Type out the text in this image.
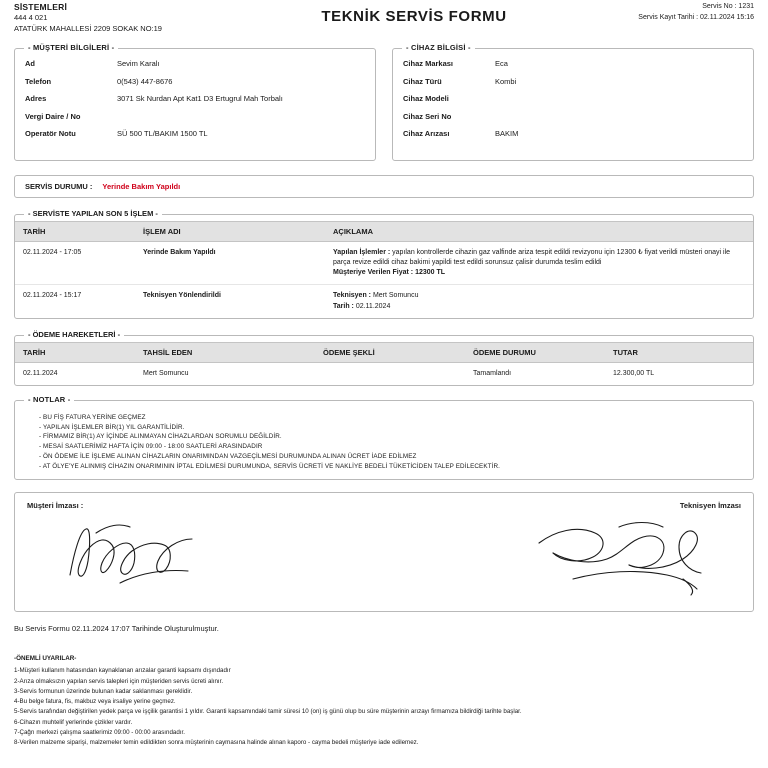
SİSTEMLERİ
444 4 021
ATATÜRK MAHALLESİ 2209 SOKAK NO:19
TEKNİK SERVİS FORMU
Servis No : 1231
Servis Kayıt Tarihi : 02.11.2024 15:16
- MÜŞTERİ BİLGİLERİ -
Ad	Sevim Karalı
Telefon	0(543) 447-8676
Adres	3071 Sk Nurdan Apt Kat1 D3 Ertugrul Mah Torbalı
Vergi Daire / No
Operatör Notu	SÜ 500 TL/BAKIM 1500 TL
- CİHAZ BİLGİSİ -
Cihaz Markası	Eca
Cihaz Türü	Kombi
Cihaz Modeli
Cihaz Seri No
Cihaz Arızası	BAKIM
SERVİS DURUMU : Yerinde Bakım Yapıldı
- SERVİSTE YAPILAN SON 5 İŞLEM -
TARİH	İŞLEM ADI	AÇIKLAMA
02.11.2024 - 17:05	Yerinde Bakım Yapıldı	Yapılan İşlemler : yapılan kontrollerde cihazin gaz valfinde ariza tespit edildi revizyonu için 12300 ₺ fiyat verildi müsteri onayi ile parça revize edildi cihaz bakimi yapildi test edildi sorunsuz çalisir durumda teslim edildi
Müşteriye Verilen Fiyat : 12300 TL

02.11.2024 - 15:17	Teknisyen Yönlendirildi	Teknisyen : Mert Somuncu
Tarih : 02.11.2024
- ÖDEME HAREKETLERİ -
TARİH	TAHSİL EDEN	ÖDEME ŞEKLİ	ÖDEME DURUMU	TUTAR
02.11.2024	Mert Somuncu		Tamamlandı	12.300,00 TL
- NOTLAR -
- BU FİŞ FATURA YERİNE GEÇMEZ
- YAPILAN İŞLEMLER BİR(1) YIL GARANTİLİDİR.
- FİRMAMIZ BİR(1) AY İÇİNDE ALINMAYAN CİHAZLARDAN SORUMLU DEĞİLDİR.
- MESAİ SAATLERİMİZ HAFTA İÇİN 09:00 - 18:00 SAATLERİ ARASINDADIR
- ÖN ÖDEME İLE İŞLEME ALINAN CİHAZLARIN ONARIMINDAN VAZGEÇİLMESİ DURUMUNDA ALINAN ÜCRET İADE EDİLMEZ
- AT ÖLYE'YE ALINMIŞ CİHAZIN ONARIMININ İPTAL EDİLMESİ DURUMUNDA, SERVİS ÜCRETİ VE NAKLİYE BEDELİ TÜKETİCİDEN TALEP EDİLECEKTİR.
Müşteri İmzası :	Teknisyen İmzası
Bu Servis Formu 02.11.2024 17:07 Tarihinde Oluşturulmuştur.
-ÖNEMLİ UYARILAR-
Müşteri kullanım hatasından kaynaklanan arızalar garanti kapsamı dışındadır
Arıza olmaksızın yapılan servis talepleri için müşteriden servis ücreti alınır.
Servis formunun üzerinde bulunan kadar saklanması gereklidir.
Bu belge fatura, fis, makbuz veya irsaliye yerine geçmez.
Servis tarafından değiştirilen yedek parça ve işçilik garantisi 1 yıldır. Garanti kapsamındaki tamir süresi 10 (on) iş günü olup bu süre müşterinin arızayı firmamıza bildirdiği tarihte başlar.
Cihazın muhtelif yerlerinde çizikler vardır.
Çağrı merkezi çalışma saatlerimiz 09:00 - 00:00 arasındadır.
Verilen malzeme siparişi, malzemeler temin edildikten sonra müşterinin caymasına halinde alınan kaporo - cayma bedeli müşteriye iade edilemez.
